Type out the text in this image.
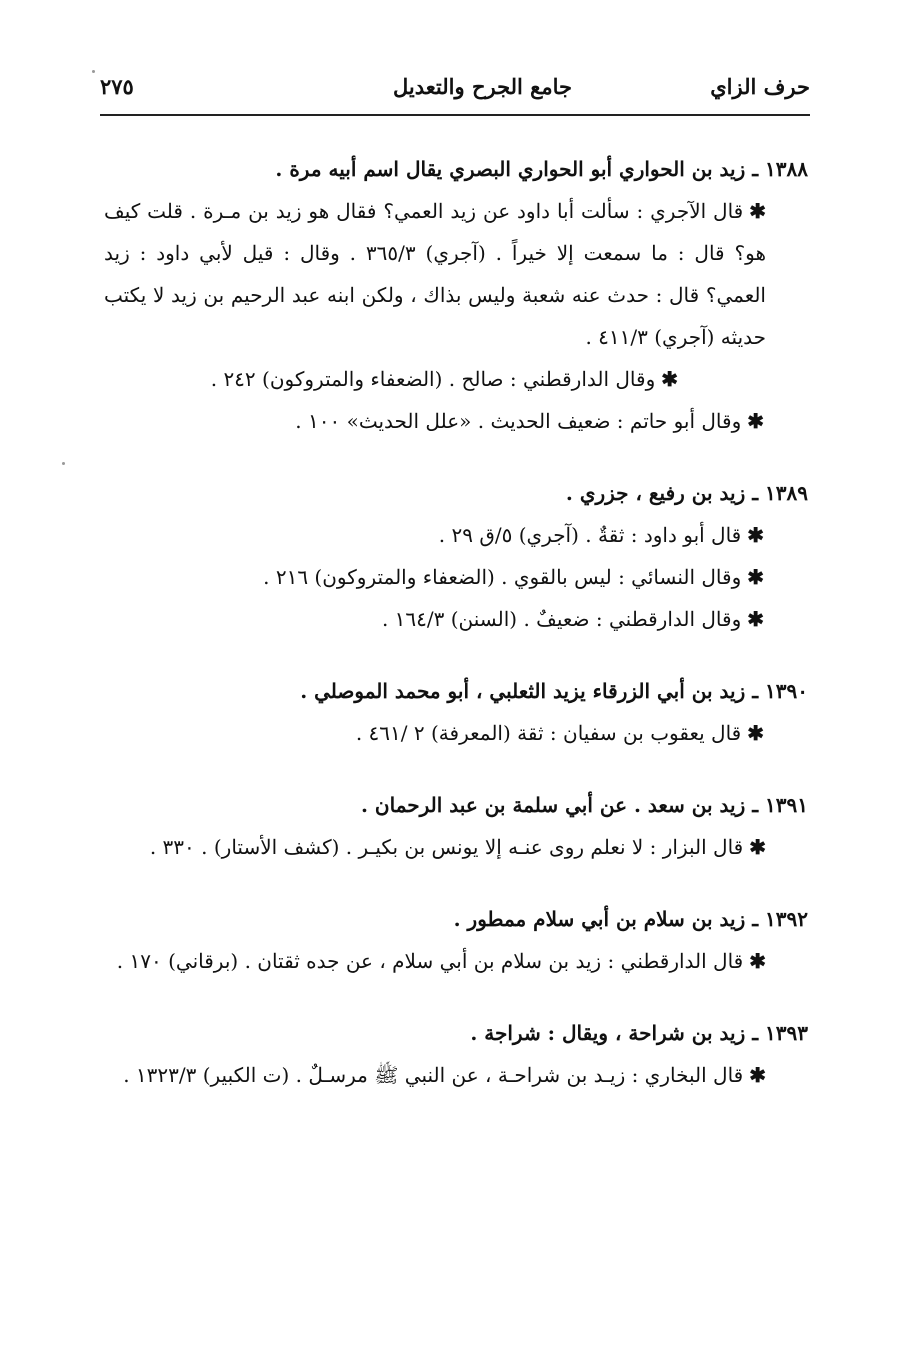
حرف الزاي
جامع الجرح والتعديل
٢٧٥
١٣٨٨ ـ زيد بن الحواري أبو الحواري البصري يقال اسم أبيه مرة .
✱قال الآجري : سألت أبا داود عن زيد العمي؟ فقال هو زيد بن مـرة . قلت كيف هو؟ قال : ما سمعت إلا خيراً . (آجري) ٣٦٥/٣ . وقال : قيل لأبي داود : زيد العمي؟ قال : حدث عنه شعبة وليس بذاك ، ولكن ابنه عبد الرحيم بن زيد لا يكتب حديثه (آجري) ٤١١/٣ .
✱وقال الدارقطني : صالح . (الضعفاء والمتروكون) ٢٤٢ .
✱وقال أبو حاتم : ضعيف الحديث . «علل الحديث» ١٠٠ .
١٣٨٩ ـ زيد بن رفيع ، جزري .
✱قال أبو داود : ثقةٌ . (آجري) ٥/ق ٢٩ .
✱وقال النسائي : ليس بالقوي . (الضعفاء والمتروكون) ٢١٦ .
✱وقال الدارقطني : ضعيفٌ . (السنن) ١٦٤/٣ .
١٣٩٠ ـ زيد بن أبي الزرقاء يزيد الثعلبي ، أبو محمد الموصلي .
✱قال يعقوب بن سفيان : ثقة (المعرفة) ٢ /٤٦١ .
١٣٩١ ـ زيد بن سعد . عن أبي سلمة بن عبد الرحمان .
✱قال البزار : لا نعلم روى عنـه إلا يونس بن بكيـر . (كشف الأستار) . ٣٣٠ .
١٣٩٢ ـ زيد بن سلام بن أبي سلام ممطور .
✱قال الدارقطني : زيد بن سلام بن أبي سلام ، عن جده ثقتان . (برقاني) ١٧٠ .
١٣٩٣ ـ زيد بن شراحة ، ويقال : شراجة .
✱قال البخاري : زيـد بن شراحـة ، عن النبي ﷺ مرسـلٌ . (ت الكبير) ١٣٢٣/٣ .
